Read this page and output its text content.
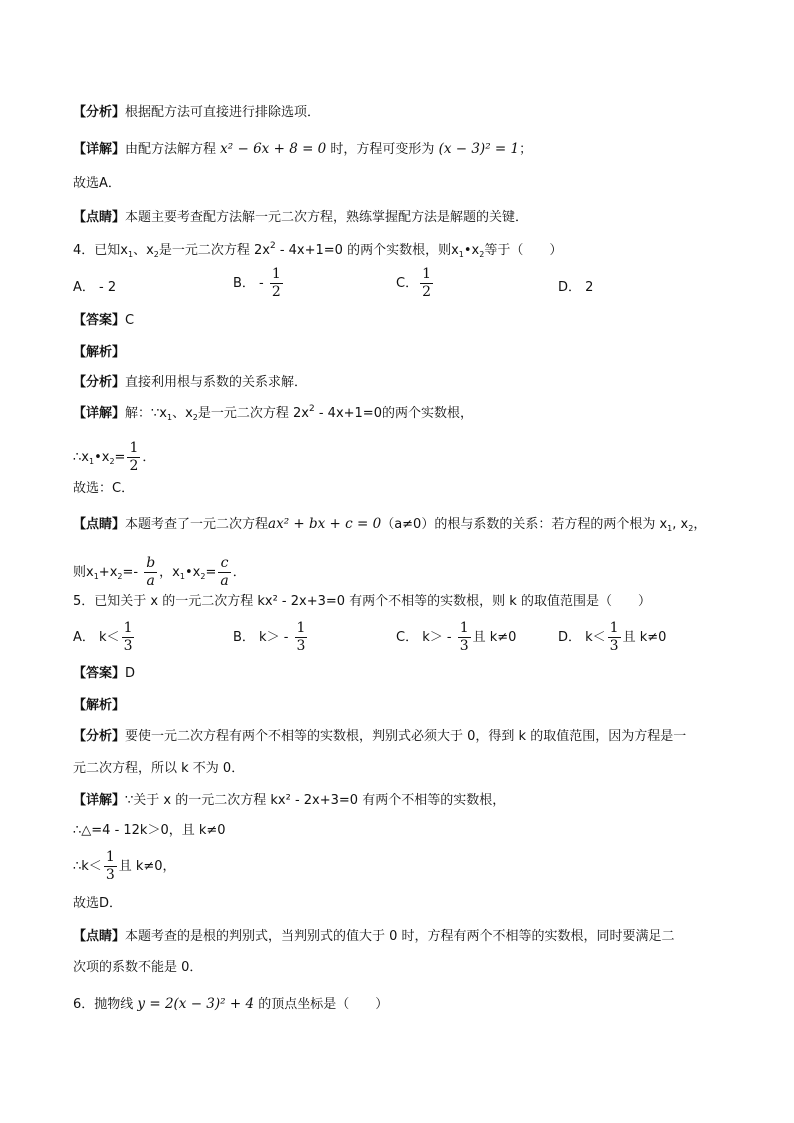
【分析】根据配方法可直接进行排除选项．
【详解】由配方法解方程 x² − 6x + 8 = 0 时，方程可变形为 (x − 3)² = 1；
故选A．
【点睛】本题主要考查配方法解一元二次方程，熟练掌握配方法是解题的关键．
4．已知$x_1$、$x_2$是一元二次方程 $2x^2 - 4x+1=0$ 的两个实数根，则$x_1•x_2$等于（　　）
A． - 2	B． - $\frac{1}{2}$	C． $\frac{1}{2}$	D． 2
【答案】C
【解析】
【分析】直接利用根与系数的关系求解．
【详解】解：$\because x_1$、$x_2$是一元二次方程 $2x^2 - 4x+1=0$的两个实数根，
$\therefore x_1•x_2= \frac{1}{2}$ ．
故选：C．
【点睛】本题考查了一元二次方程ax² + bx + c = 0（a≠0）的根与系数的关系：若方程的两个根为 $x_1$, $x_2$，
则$x_1+x_2=- \frac{b}{a}$ ，$x_1•x_2= \frac{c}{a}$ ．
5．已知关于 x 的一元二次方程 kx² - 2x+3=0 有两个不相等的实数根，则 k 的取值范围是（　　）
A． $k< \frac{1}{3}$	B． $k> - \frac{1}{3}$	C． $k> - \frac{1}{3}$ 且 k≠0	D． $k< \frac{1}{3}$ 且 k≠0
【答案】D
【解析】
【分析】要使一元二次方程有两个不相等的实数根，判别式必须大于 0，得到 k 的取值范围，因为方程是一
元二次方程，所以 k 不为 0．
【详解】∵关于 x 的一元二次方程 kx² - 2x+3=0 有两个不相等的实数根，
∴△=4 - 12k＞0，且 k≠0
∴k＜ $\frac{1}{3}$ 且 k≠0，
故选D．
【点睛】本题考查的是根的判别式，当判别式的值大于 0 时，方程有两个不相等的实数根，同时要满足二
次项的系数不能是 0．
6．抛物线 y = 2(x − 3)² + 4 的顶点坐标是（　　）
